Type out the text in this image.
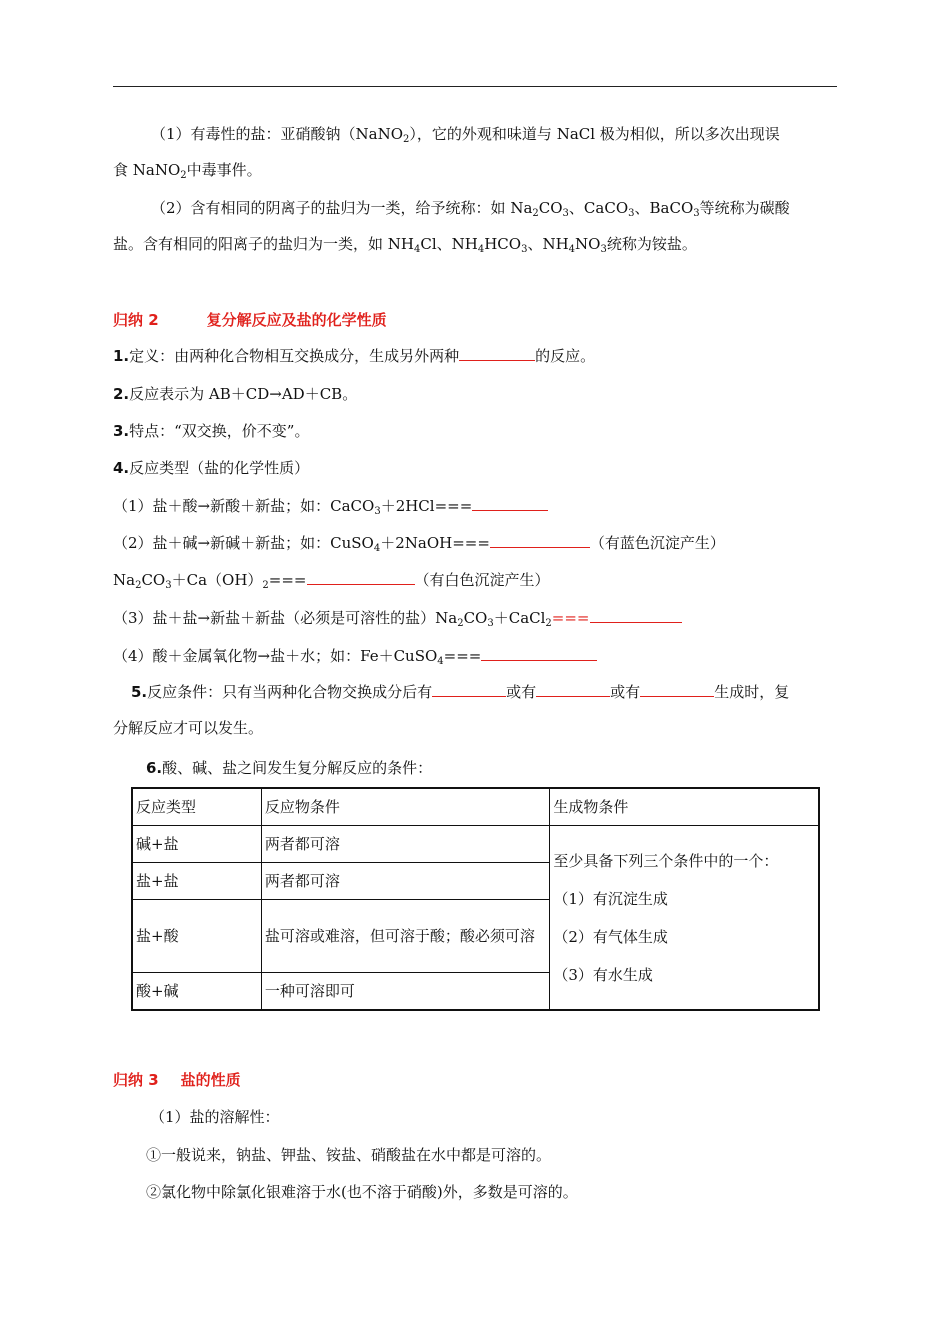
（1）有毒性的盐：亚硝酸钠（NaNO$_2$），它的外观和味道与 NaCl 极为相似，所以多次出现误
食 NaNO$_2$中毒事件。
（2）含有相同的阴离子的盐归为一类，给予统称：如 $Na_2CO_3$、CaCO$_3$、BaCO$_3$等统称为碳酸
盐。含有相同的阳离子的盐归为一类，如 $NH_4Cl$、$NH_4HCO_3$、$NH_4NO_3$统称为铵盐。
归纳 2	复分解反应及盐的化学性质
1.定义：由两种化合物相互交换成分，生成另外两种	的反应。
2.反应表示为 AB＋CD→AD＋CB。
3.特点：“双交换，价不变”。
4.反应类型（盐的化学性质）
（1）盐＋酸→新酸＋新盐；如：CaCO$_3$＋2HCl===
（2）盐＋碱→新碱＋新盐；如：CuSO$_4$＋2NaOH===	（有蓝色沉淀产生）
$Na_2CO_3+Ca(OH)_2===$	（有白色沉淀产生）
（3）盐＋盐→新盐＋新盐（必须是可溶性的盐）$Na_2CO_3+CaCl_2===$
（4）酸＋金属氧化物→盐＋水；如：Fe＋CuSO$_4$===
5.反应条件：只有当两种化合物交换成分后有	或有	或有	生成时，复
分解反应才可以发生。
6.酸、碱、盐之间发生复分解反应的条件：
反应类型	反应物条件	生成物条件
碱+盐	两者都可溶	至少具备下列三个条件中的一个：

（1）有沉淀生成

（2）有气体生成

（3）有水生成

盐+盐	两者都可溶	
盐+酸	盐可溶或难溶，但可溶于酸；酸必须可溶	
酸+碱	一种可溶即可	
归纳 3 盐的性质
（1）盐的溶解性：
①一般说来，钠盐、钾盐、铵盐、硝酸盐在水中都是可溶的。
②氯化物中除氯化银难溶于水(也不溶于硝酸)外，多数是可溶的。
